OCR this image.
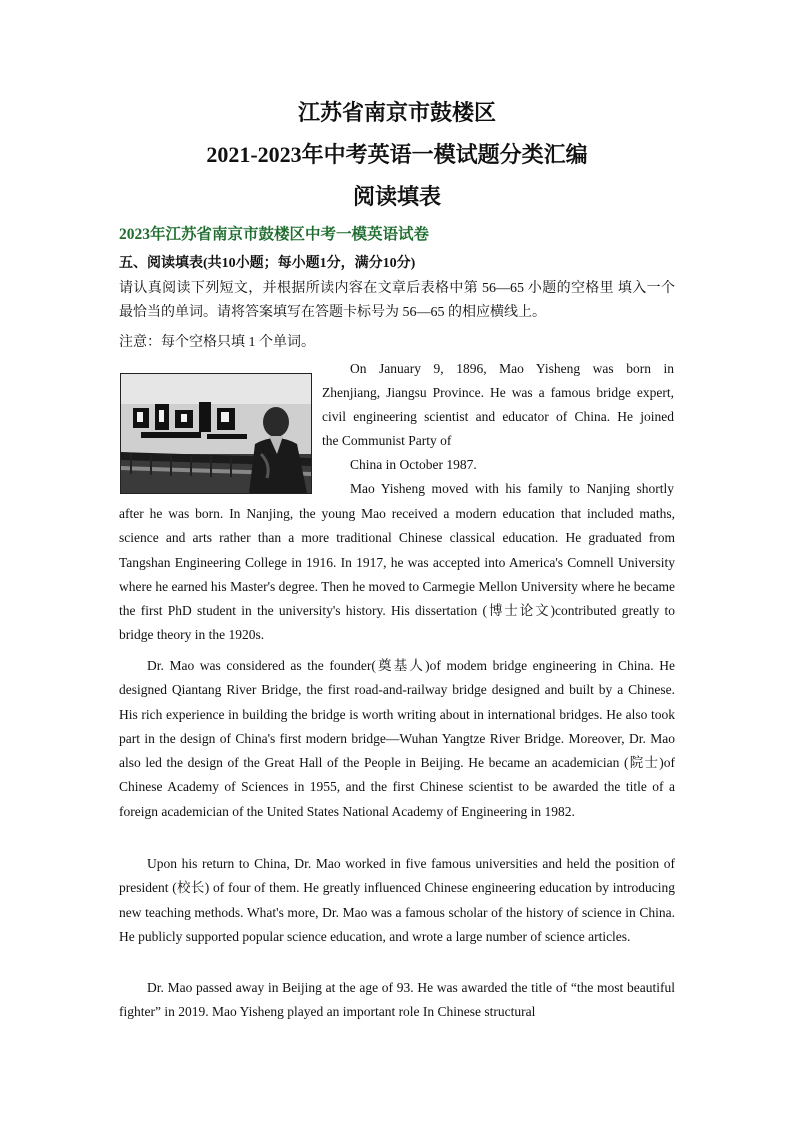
江苏省南京市鼓楼区
2021-2023年中考英语一模试题分类汇编
阅读填表

2023年江苏省南京市鼓楼区中考一模英语试卷

五、阅读填表(共10小题；每小题1分，满分10分)

请认真阅读下列短文，并根据所读内容在文章后表格中第 56—65 小题的空格里 填入一个最恰当的单词。请将答案填写在答题卡标号为 56—65 的相应横线上。

注意：每个空格只填 1 个单词。

On January 9, 1896, Mao Yisheng was born in

Zhenjiang, Jiangsu Province. He was a famous bridge expert,

civil engineering scientist and educator of China. He joined

the Communist Party of

China in October 1987.

Mao Yisheng moved with his family to Nanjing shortly

after he was born. In Nanjing, the young Mao received a modern education that included maths, science and arts rather than a more traditional Chinese classical education. He graduated from Tangshan Engineering College in 1916. In 1917, he was accepted into America's Comnell University where he earned his Master's degree. Then he moved to Carmegie Mellon University where he became the first PhD student in the university's history. His dissertation (博士论文)contributed greatly to bridge theory in the 1920s.

Dr. Mao was considered as the founder(奠基人)of modem bridge engineering in China. He designed Qiantang River Bridge, the first road-and-railway bridge designed and built by a Chinese. His rich experience in building the bridge is worth writing about in international bridges. He also took part in the design of China's first modern bridge—Wuhan Yangtze River Bridge. Moreover, Dr. Mao also led the design of the Great Hall of the People in Beijing. He became an academician (院士)of Chinese Academy of Sciences in 1955, and the first Chinese scientist to be awarded the title of a foreign academician of the United States National Academy of Engineering in 1982.

Upon his return to China, Dr. Mao worked in five famous universities and held the position of president (校长) of four of them. He greatly influenced Chinese engineering education by introducing new teaching methods. What's more, Dr. Mao was a famous scholar of the history of science in China. He publicly supported popular science education, and wrote a large number of science articles.

Dr. Mao passed away in Beijing at the age of 93. He was awarded the title of “the most beautiful fighter” in 2019. Mao Yisheng played an important role In Chinese structural
